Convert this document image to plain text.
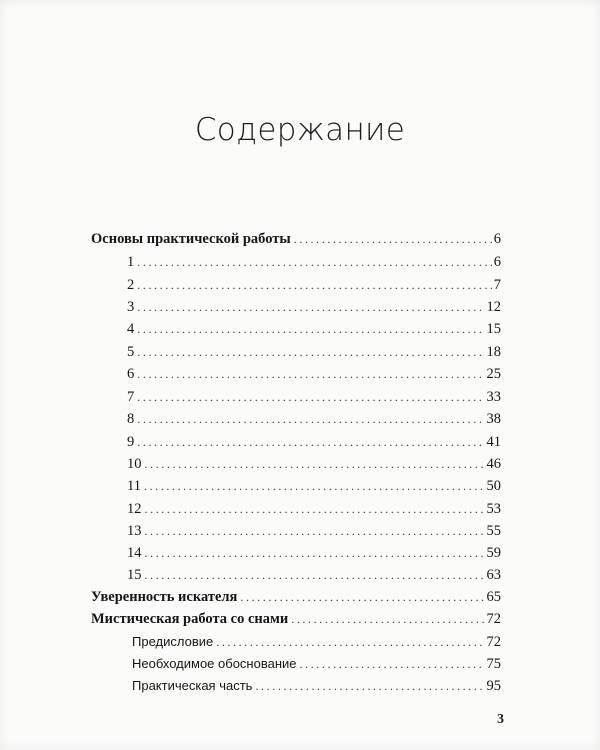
Содержание
Основы практической работы .....	6
1 .....	6
2 .....	7
3 .....	12
4 .....	15
5 .....	18
6 .....	25
7 .....	33
8 .....	38
9 .....	41
10 .....	46
11 .....	50
12 .....	53
13 .....	55
14 .....	59
15 .....	63
Уверенность искателя .....	65
Мистическая работа со снами .....	72
Предисловие .....	72
Необходимое обоснование .....	75
Практическая часть .....	95
3
